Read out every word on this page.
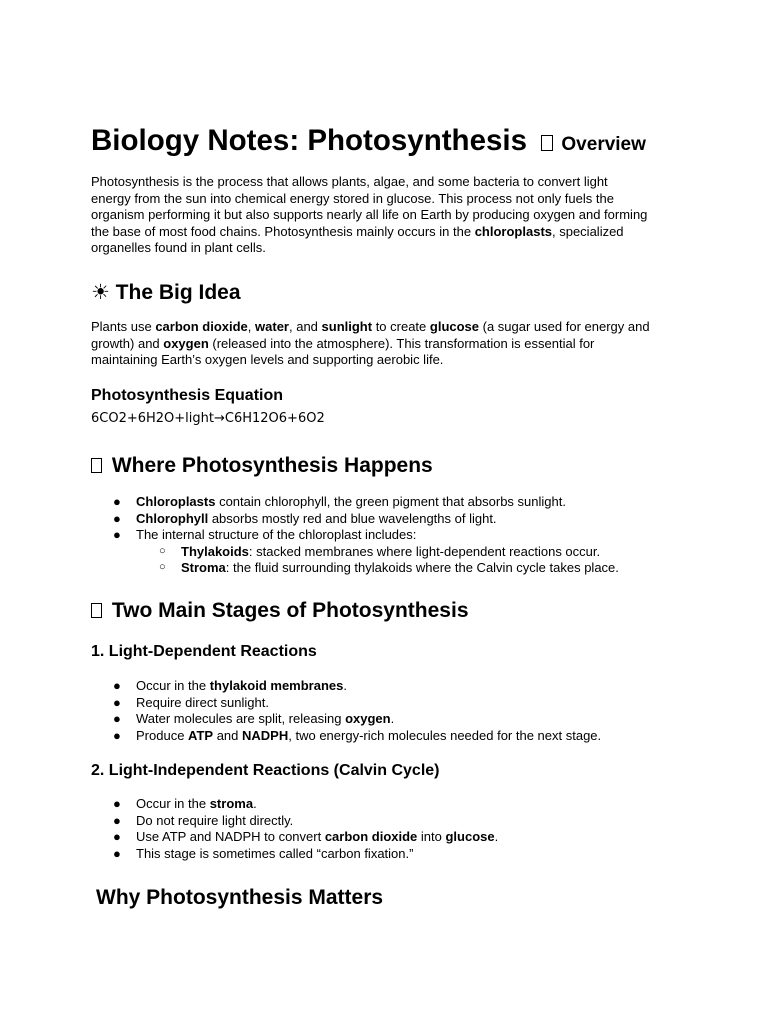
Biology Notes: Photosynthesis Overview
Photosynthesis is the process that allows plants, algae, and some bacteria to convert light energy from the sun into chemical energy stored in glucose. This process not only fuels the organism performing it but also supports nearly all life on Earth by producing oxygen and forming the base of most food chains. Photosynthesis mainly occurs in the chloroplasts, specialized organelles found in plant cells.
☀ The Big Idea
Plants use carbon dioxide, water, and sunlight to create glucose (a sugar used for energy and growth) and oxygen (released into the atmosphere). This transformation is essential for maintaining Earth’s oxygen levels and supporting aerobic life.
Photosynthesis Equation
6CO2+6H2O+light→C6H12O6+6O2
Where Photosynthesis Happens
● Chloroplasts contain chlorophyll, the green pigment that absorbs sunlight.
● Chlorophyll absorbs mostly red and blue wavelengths of light.
● The internal structure of the chloroplast includes:
○ Thylakoids: stacked membranes where light-dependent reactions occur.
○ Stroma: the fluid surrounding thylakoids where the Calvin cycle takes place.
Two Main Stages of Photosynthesis
1. Light-Dependent Reactions
● Occur in the thylakoid membranes.
● Require direct sunlight.
● Water molecules are split, releasing oxygen.
● Produce ATP and NADPH, two energy-rich molecules needed for the next stage.
2. Light-Independent Reactions (Calvin Cycle)
● Occur in the stroma.
● Do not require light directly.
● Use ATP and NADPH to convert carbon dioxide into glucose.
● This stage is sometimes called “carbon fixation.”
Why Photosynthesis Matters
